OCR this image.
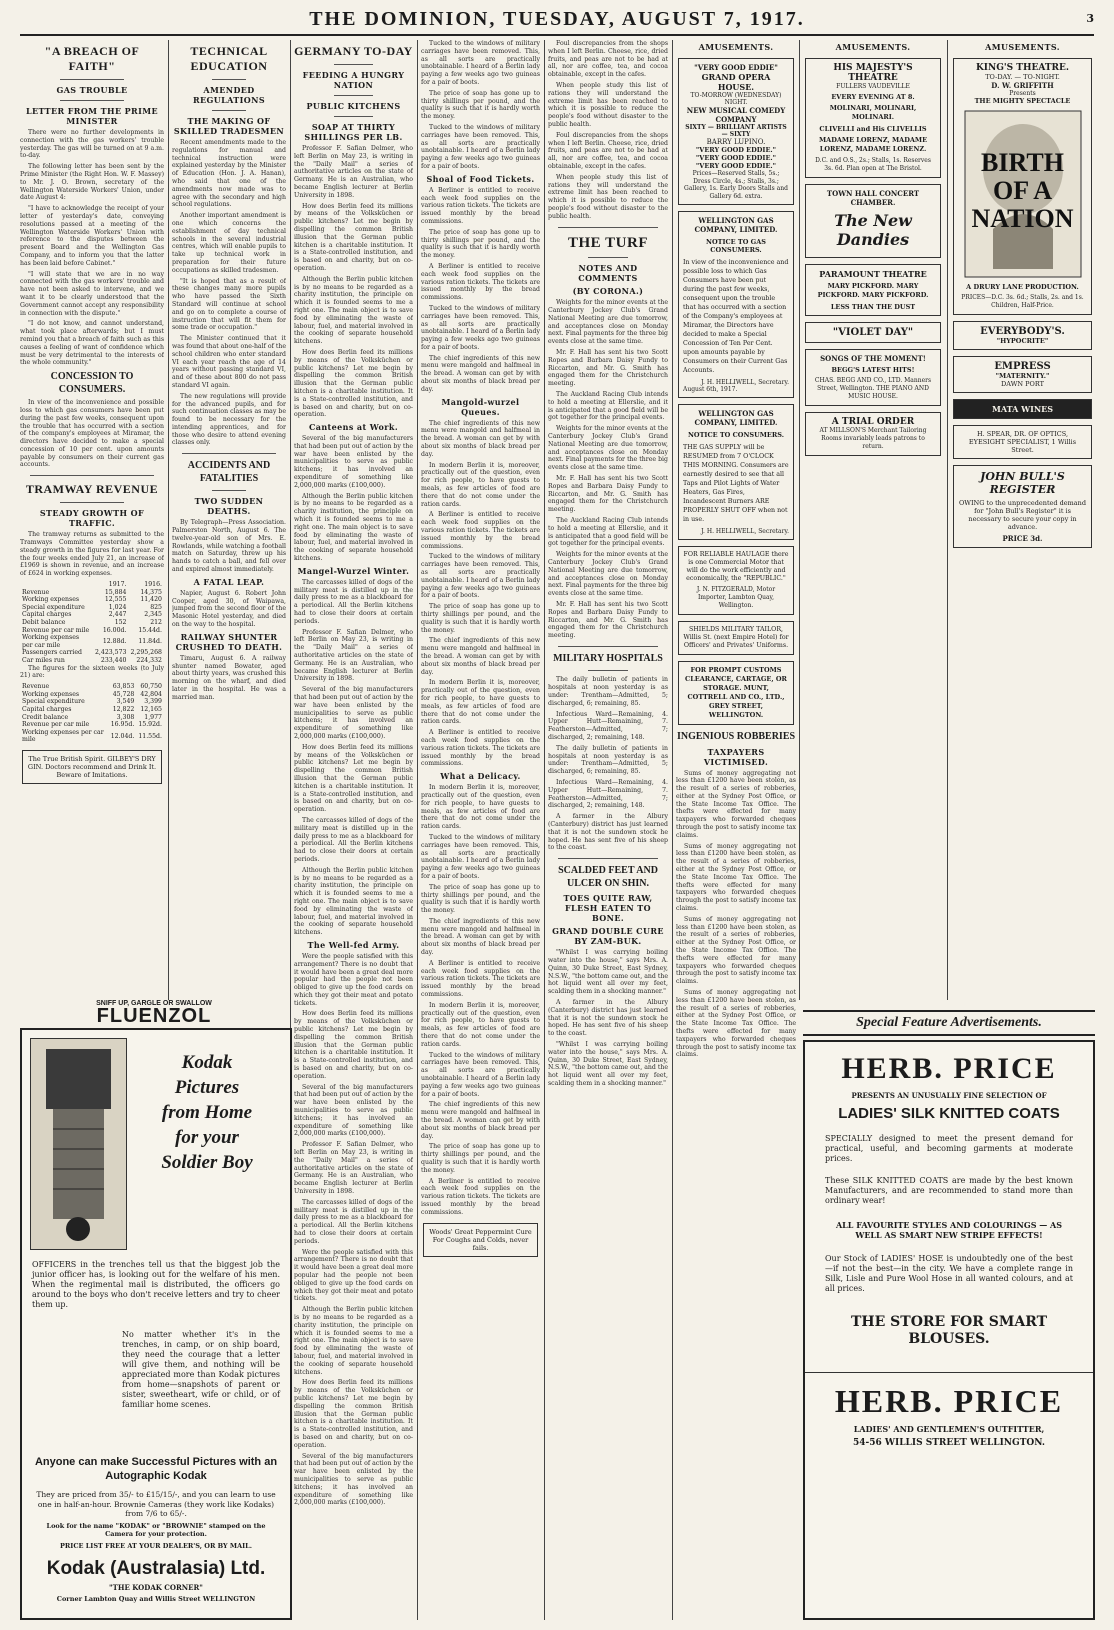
THE DOMINION, TUESDAY, AUGUST 7, 1917.	3
"A BREACH OF FAITH"
GAS TROUBLE
LETTER FROM THE PRIME MINISTER

There were no further developments in connection with the gas workers' trouble yesterday. The gas will be turned on at 9 a.m. to-day.

The following letter has been sent by the Prime Minister (the Right Hon. W. F. Massey) to Mr. J. O. Brown, secretary of the Wellington Waterside Workers' Union, under date August 4:

"I have to acknowledge the receipt of your letter of yesterday's date, conveying resolutions passed at a meeting of the Wellington Waterside Workers' Union with reference to the disputes between the present Board and the Wellington Gas Company, and to inform you that the latter has been laid before Cabinet."

"I will state that we are in no way connected with the gas workers' trouble and have not been asked to intervene, and we want it to be clearly understood that the Government cannot accept any responsibility in connection with the dispute."

"I do not know, and cannot understand, what took place afterwards; but I must remind you that a breach of faith such as this causes a feeling of want of confidence which must be very detrimental to the interests of the whole community."

CONCESSION TO CONSUMERS.

In view of the inconvenience and possible loss to which gas consumers have been put during the past few weeks, consequent upon the trouble that has occurred with a section of the company's employees at Miramar, the directors have decided to make a special concession of 10 per cent. upon amounts payable by consumers on their current gas accounts.

TRAMWAY REVENUE
STEADY GROWTH OF TRAFFIC.

The tramway returns as submitted to the Tramways Committee yesterday show a steady growth in the figures for last year. For the four weeks ended July 21, an increase of £1969 is shown in revenue, and an increase of £624 in working expenses.

	1917.	1916.
Revenue	15,884	14,375
Working expenses	12,555	11,420
Special expenditure	1,024	825
Capital charges	2,447	2,345
Debit balance	152	212
Revenue per car mile	16.00d.	15.44d.
Working expenses per car mile	12.88d.	11.84d.
Passengers carried	2,423,573	2,295,268
Car miles run	233,440	224,332

The figures for the sixteen weeks (to July 21) are:

Revenue	63,853	60,750
Working expenses	45,728	42,804
Special expenditure	3,549	3,399
Capital charges	12,822	12,165
Credit balance	3,308	1,977
Revenue per car mile	16.95d.	15.92d.
Working expenses per car mile	12.04d.	11.55d.
The True British Spirit. GILBEY'S DRY GIN. Doctors recommend and Drink It. Beware of Imitations.
TECHNICAL EDUCATION
AMENDED REGULATIONS
THE MAKING OF SKILLED TRADESMEN

Recent amendments made to the regulations for manual and technical instruction were explained yesterday by the Minister of Education (Hon. J. A. Hanan), who said that one of the amendments now made was to agree with the secondary and high school regulations.

Another important amendment is one which concerns the establishment of day technical schools in the several industrial centres, which will enable pupils to take up technical work in preparation for their future occupations as skilled tradesmen.

"It is hoped that as a result of these changes many more pupils who have passed the Sixth Standard will continue at school and go on to complete a course of instruction that will fit them for some trade or occupation."

The Minister continued that it was found that about one-half of the school children who enter standard VI each year reach the age of 14 years without passing standard VI, and of these about 800 do not pass standard VI again.

The new regulations will provide for the advanced pupils, and for such continuation classes as may be found to be necessary for the intending apprentices, and for those who desire to attend evening classes only.

ACCIDENTS AND FATALITIES
TWO SUDDEN DEATHS.

By Telegraph—Press Association. Palmerston North, August 6. The twelve-year-old son of Mrs. E. Rowlands, while watching a football match on Saturday, threw up his hands to catch a ball, and fell over and expired almost immediately.

A FATAL LEAP.

Napier, August 6. Robert John Cooper, aged 30, of Waipawa, jumped from the second floor of the Masonic Hotel yesterday, and died on the way to the hospital.

RAILWAY SHUNTER CRUSHED TO DEATH.

Timaru, August 6. A railway shunter named Bowater, aged about thirty years, was crushed this morning on the wharf, and died later in the hospital. He was a married man.

SNIFF UP, GARGLE OR SWALLOW
FLUENZOL
GERMANY TO-DAY
FEEDING A HUNGRY NATION
PUBLIC KITCHENS
SOAP AT THIRTY SHILLINGS PER LB.

Professor F. Safian Delmer, who left Berlin on May 23, is writing in the "Daily Mail" a series of authoritative articles on the state of Germany. He is an Australian, who became English lecturer at Berlin University in 1898.

How does Berlin feed its millions by means of the Volksküchen or public kitchens? Let me begin by dispelling the common British illusion that the German public kitchen is a charitable institution. It is a State-controlled institution, and is based on and charity, but on co-operation.

Although the Berlin public kitchen is by no means to be regarded as a charity institution, the principle on which it is founded seems to me a right one. The main object is to save food by eliminating the waste of labour, fuel, and material involved in the cooking of separate household kitchens.

How does Berlin feed its millions by means of the Volksküchen or public kitchens? Let me begin by dispelling the common British illusion that the German public kitchen is a charitable institution. It is a State-controlled institution, and is based on and charity, but on co-operation.

Canteens at Work.

Several of the big manufacturers that had been put out of action by the war have been enlisted by the municipalities to serve as public kitchens; it has involved an expenditure of something like 2,000,000 marks (£100,000).

Although the Berlin public kitchen is by no means to be regarded as a charity institution, the principle on which it is founded seems to me a right one. The main object is to save food by eliminating the waste of labour, fuel, and material involved in the cooking of separate household kitchens.

Mangel-Wurzel Winter.

The carcasses killed of dogs of the military meat is distilled up in the daily press to me as a blackboard for a periodical. All the Berlin kitchens had to close their doors at certain periods.

Professor F. Safian Delmer, who left Berlin on May 23, is writing in the "Daily Mail" a series of authoritative articles on the state of Germany. He is an Australian, who became English lecturer at Berlin University in 1898.

Several of the big manufacturers that had been put out of action by the war have been enlisted by the municipalities to serve as public kitchens; it has involved an expenditure of something like 2,000,000 marks (£100,000).

How does Berlin feed its millions by means of the Volksküchen or public kitchens? Let me begin by dispelling the common British illusion that the German public kitchen is a charitable institution. It is a State-controlled institution, and is based on and charity, but on co-operation.

The carcasses killed of dogs of the military meat is distilled up in the daily press to me as a blackboard for a periodical. All the Berlin kitchens had to close their doors at certain periods.

Although the Berlin public kitchen is by no means to be regarded as a charity institution, the principle on which it is founded seems to me a right one. The main object is to save food by eliminating the waste of labour, fuel, and material involved in the cooking of separate household kitchens.

The Well-fed Army.

Were the people satisfied with this arrangement? There is no doubt that it would have been a great deal more popular had the people not been obliged to give up the food cards on which they got their meat and potato tickets.

How does Berlin feed its millions by means of the Volksküchen or public kitchens? Let me begin by dispelling the common British illusion that the German public kitchen is a charitable institution. It is a State-controlled institution, and is based on and charity, but on co-operation.

Several of the big manufacturers that had been put out of action by the war have been enlisted by the municipalities to serve as public kitchens; it has involved an expenditure of something like 2,000,000 marks (£100,000).

Professor F. Safian Delmer, who left Berlin on May 23, is writing in the "Daily Mail" a series of authoritative articles on the state of Germany. He is an Australian, who became English lecturer at Berlin University in 1898.

The carcasses killed of dogs of the military meat is distilled up in the daily press to me as a blackboard for a periodical. All the Berlin kitchens had to close their doors at certain periods.

Were the people satisfied with this arrangement? There is no doubt that it would have been a great deal more popular had the people not been obliged to give up the food cards on which they got their meat and potato tickets.

Although the Berlin public kitchen is by no means to be regarded as a charity institution, the principle on which it is founded seems to me a right one. The main object is to save food by eliminating the waste of labour, fuel, and material involved in the cooking of separate household kitchens.

How does Berlin feed its millions by means of the Volksküchen or public kitchens? Let me begin by dispelling the common British illusion that the German public kitchen is a charitable institution. It is a State-controlled institution, and is based on and charity, but on co-operation.

Several of the big manufacturers that had been put out of action by the war have been enlisted by the municipalities to serve as public kitchens; it has involved an expenditure of something like 2,000,000 marks (£100,000).

Tucked to the windows of military carriages have been removed. This, as all sorts are practically unobtainable. I heard of a Berlin lady paying a few weeks ago two guineas for a pair of boots.

The price of soap has gone up to thirty shillings per pound, and the quality is such that it is hardly worth the money.

Tucked to the windows of military carriages have been removed. This, as all sorts are practically unobtainable. I heard of a Berlin lady paying a few weeks ago two guineas for a pair of boots.

Shoal of Food Tickets.

A Berliner is entitled to receive each week food supplies on the various ration tickets. The tickets are issued monthly by the bread commissions.

The price of soap has gone up to thirty shillings per pound, and the quality is such that it is hardly worth the money.

A Berliner is entitled to receive each week food supplies on the various ration tickets. The tickets are issued monthly by the bread commissions.

Tucked to the windows of military carriages have been removed. This, as all sorts are practically unobtainable. I heard of a Berlin lady paying a few weeks ago two guineas for a pair of boots.

The chief ingredients of this new menu were mangold and halfmeal in the bread. A woman can get by with about six months of black bread per day.

Mangold-wurzel Queues.

The chief ingredients of this new menu were mangold and halfmeal in the bread. A woman can get by with about six months of black bread per day.

In modern Berlin it is, moreover, practically out of the question, even for rich people, to have guests to meals, as few articles of food are there that do not come under the ration cards.

A Berliner is entitled to receive each week food supplies on the various ration tickets. The tickets are issued monthly by the bread commissions.

Tucked to the windows of military carriages have been removed. This, as all sorts are practically unobtainable. I heard of a Berlin lady paying a few weeks ago two guineas for a pair of boots.

The price of soap has gone up to thirty shillings per pound, and the quality is such that it is hardly worth the money.

The chief ingredients of this new menu were mangold and halfmeal in the bread. A woman can get by with about six months of black bread per day.

In modern Berlin it is, moreover, practically out of the question, even for rich people, to have guests to meals, as few articles of food are there that do not come under the ration cards.

A Berliner is entitled to receive each week food supplies on the various ration tickets. The tickets are issued monthly by the bread commissions.

What a Delicacy.

In modern Berlin it is, moreover, practically out of the question, even for rich people, to have guests to meals, as few articles of food are there that do not come under the ration cards.

Tucked to the windows of military carriages have been removed. This, as all sorts are practically unobtainable. I heard of a Berlin lady paying a few weeks ago two guineas for a pair of boots.

The price of soap has gone up to thirty shillings per pound, and the quality is such that it is hardly worth the money.

The chief ingredients of this new menu were mangold and halfmeal in the bread. A woman can get by with about six months of black bread per day.

A Berliner is entitled to receive each week food supplies on the various ration tickets. The tickets are issued monthly by the bread commissions.

In modern Berlin it is, moreover, practically out of the question, even for rich people, to have guests to meals, as few articles of food are there that do not come under the ration cards.

Tucked to the windows of military carriages have been removed. This, as all sorts are practically unobtainable. I heard of a Berlin lady paying a few weeks ago two guineas for a pair of boots.

The chief ingredients of this new menu were mangold and halfmeal in the bread. A woman can get by with about six months of black bread per day.

The price of soap has gone up to thirty shillings per pound, and the quality is such that it is hardly worth the money.

A Berliner is entitled to receive each week food supplies on the various ration tickets. The tickets are issued monthly by the bread commissions.

Woods' Great Peppermint Cure For Coughs and Colds, never fails.

Foul discrepancies from the shops when I left Berlin. Cheese, rice, dried fruits, and peas are not to be had at all, nor are coffee, tea, and cocoa obtainable, except in the cafes.

When people study this list of rations they will understand the extreme limit has been reached to which it is possible to reduce the people's food without disaster to the public health.

Foul discrepancies from the shops when I left Berlin. Cheese, rice, dried fruits, and peas are not to be had at all, nor are coffee, tea, and cocoa obtainable, except in the cafes.

When people study this list of rations they will understand the extreme limit has been reached to which it is possible to reduce the people's food without disaster to the public health.

THE TURF
NOTES AND COMMENTS
(BY CORONA.)

Weights for the minor events at the Canterbury Jockey Club's Grand National Meeting are due tomorrow, and acceptances close on Monday next. Final payments for the three big events close at the same time.

Mr. F. Hall has sent his two Scott Ropes and Barbara Daisy Fundy to Riccarton, and Mr. G. Smith has engaged them for the Christchurch meeting.

The Auckland Racing Club intends to hold a meeting at Ellerslie, and it is anticipated that a good field will be got together for the principal events.

Weights for the minor events at the Canterbury Jockey Club's Grand National Meeting are due tomorrow, and acceptances close on Monday next. Final payments for the three big events close at the same time.

Mr. F. Hall has sent his two Scott Ropes and Barbara Daisy Fundy to Riccarton, and Mr. G. Smith has engaged them for the Christchurch meeting.

The Auckland Racing Club intends to hold a meeting at Ellerslie, and it is anticipated that a good field will be got together for the principal events.

Weights for the minor events at the Canterbury Jockey Club's Grand National Meeting are due tomorrow, and acceptances close on Monday next. Final payments for the three big events close at the same time.

Mr. F. Hall has sent his two Scott Ropes and Barbara Daisy Fundy to Riccarton, and Mr. G. Smith has engaged them for the Christchurch meeting.

MILITARY HOSPITALS

The daily bulletin of patients in hospitals at noon yesterday is as under: Trentham—Admitted, 5; discharged, 6; remaining, 85.

Infectious Ward—Remaining, 4. Upper Hutt—Remaining, 7. Featherston—Admitted, 7; discharged, 2; remaining, 148.

The daily bulletin of patients in hospitals at noon yesterday is as under: Trentham—Admitted, 5; discharged, 6; remaining, 85.

Infectious Ward—Remaining, 4. Upper Hutt—Remaining, 7. Featherston—Admitted, 7; discharged, 2; remaining, 148.

A farmer in the Albury (Canterbury) district has just learned that it is not the sundown stock he hoped. He has sent five of his sheep to the coast.

SCALDED FEET AND ULCER ON SHIN.
TOES QUITE RAW, FLESH EATEN TO BONE.
GRAND DOUBLE CURE BY ZAM-BUK.

"Whilst I was carrying boiling water into the house," says Mrs. A. Quinn, 30 Duke Street, East Sydney, N.S.W., "the bottom came out, and the hot liquid went all over my feet, scalding them in a shocking manner."

A farmer in the Albury (Canterbury) district has just learned that it is not the sundown stock he hoped. He has sent five of his sheep to the coast.

"Whilst I was carrying boiling water into the house," says Mrs. A. Quinn, 30 Duke Street, East Sydney, N.S.W., "the bottom came out, and the hot liquid went all over my feet, scalding them in a shocking manner."

AMUSEMENTS.
"VERY GOOD EDDIE"
GRAND OPERA HOUSE.
TO-MORROW (WEDNESDAY) NIGHT.
NEW MUSICAL COMEDY COMPANY
SIXTY — BRILLIANT ARTISTS — SIXTY
BARRY LUPINO.
"VERY GOOD EDDIE."
"VERY GOOD EDDIE."
"VERY GOOD EDDIE."
Prices—Reserved Stalls, 5s.; Dress Circle, 4s.; Stalls, 3s.; Gallery, 1s. Early Doors Stalls and Gallery 6d. extra.
WELLINGTON GAS COMPANY, LIMITED.
NOTICE TO GAS CONSUMERS.
In view of the inconvenience and possible loss to which Gas Consumers have been put during the past few weeks, consequent upon the trouble that has occurred with a section of the Company's employees at Miramar, the Directors have decided to make a Special Concession of Ten Per Cent. upon amounts payable by Consumers on their Current Gas Accounts.
J. H. HELLIWELL, Secretary.
August 6th, 1917.
WELLINGTON GAS COMPANY, LIMITED.
NOTICE TO CONSUMERS.
THE GAS SUPPLY will be RESUMED from 7 O'CLOCK THIS MORNING. Consumers are earnestly desired to see that all Taps and Pilot Lights of Water Heaters, Gas Fires, Incandescent Burners ARE PROPERLY SHUT OFF when not in use.
J. H. HELLIWELL, Secretary.
FOR RELIABLE HAULAGE there is one Commercial Motor that will do the work efficiently and economically, the "REPUBLIC."
J. N. FITZGERALD, Motor Importer, Lambton Quay, Wellington.
SHIELDS MILITARY TAILOR, Willis St. (next Empire Hotel) for Officers' and Privates' Uniforms.
FOR PROMPT CUSTOMS CLEARANCE, CARTAGE, OR STORAGE. MUNT, COTTRELL AND CO., LTD., GREY STREET, WELLINGTON.
INGENIOUS ROBBERIES
TAXPAYERS VICTIMISED.

Sums of money aggregating not less than £1200 have been stolen, as the result of a series of robberies, either at the Sydney Post Office, or the State Income Tax Office. The thefts were effected for many taxpayers who forwarded cheques through the post to satisfy income tax claims.

Sums of money aggregating not less than £1200 have been stolen, as the result of a series of robberies, either at the Sydney Post Office, or the State Income Tax Office. The thefts were effected for many taxpayers who forwarded cheques through the post to satisfy income tax claims.

Sums of money aggregating not less than £1200 have been stolen, as the result of a series of robberies, either at the Sydney Post Office, or the State Income Tax Office. The thefts were effected for many taxpayers who forwarded cheques through the post to satisfy income tax claims.

Sums of money aggregating not less than £1200 have been stolen, as the result of a series of robberies, either at the Sydney Post Office, or the State Income Tax Office. The thefts were effected for many taxpayers who forwarded cheques through the post to satisfy income tax claims.

AMUSEMENTS.
HIS MAJESTY'S THEATRE
FULLERS VAUDEVILLE
EVERY EVENING AT 8.
MOLINARI, MOLINARI, MOLINARI.
CLIVELLI and His CLIVELLIS
MADAME LORENZ, MADAME LORENZ, MADAME LORENZ.
D.C. and O.S., 2s.; Stalls, 1s. Reserves 3s. 6d. Plan open at The Bristol.
TOWN HALL CONCERT CHAMBER.
The New Dandies
PARAMOUNT THEATRE
MARY PICKFORD. MARY PICKFORD. MARY PICKFORD.
LESS THAN THE DUST
"VIOLET DAY"
SONGS OF THE MOMENT!
BEGG'S LATEST HITS!
CHAS. BEGG AND CO., LTD. Manners Street, Wellington. THE PIANO AND MUSIC HOUSE.
A TRIAL ORDER
AT MILLSON'S Merchant Tailoring Rooms invariably leads patrons to return.
AMUSEMENTS.
KING'S THEATRE.
TO-DAY. — TO-NIGHT.
D. W. GRIFFITH
Presents
THE MIGHTY SPECTACLE
BIRTH OF A NATION
A DRURY LANE PRODUCTION.
PRICES—D.C. 3s. 6d.; Stalls, 2s. and 1s. Children, Half-Price.
EVERYBODY'S.
"HYPOCRITE"
EMPRESS
"MATERNITY."
DAWN PORT
MATA WINES
H. SPEAR, DR. OF OPTICS, EYESIGHT SPECIALIST, 1 Willis Street.
JOHN BULL'S REGISTER
OWING to the unprecedented demand for "John Bull's Register" it is necessary to secure your copy in advance.
PRICE 3d.
Kodak
Pictures
from Home
for your
Soldier Boy
OFFICERS in the trenches tell us that the biggest job the junior officer has, is looking out for the welfare of his men. When the regimental mail is distributed, the officers go around to the boys who don't receive letters and try to cheer them up.
No matter whether it's in the trenches, in camp, or on ship board, they need the courage that a letter will give them, and nothing will be appreciated more than Kodak pictures from home—snapshots of parent or sister, sweetheart, wife or child, or of familiar home scenes.
Anyone can make Successful Pictures with an Autographic Kodak
They are priced from 35/- to £15/15/-, and you can learn to use one in half-an-hour. Brownie Cameras (they work like Kodaks) from 7/6 to 65/-.
Look for the name "KODAK" or "BROWNIE" stamped on the Camera for your protection.
PRICE LIST FREE AT YOUR DEALER'S, OR BY MAIL.
Kodak (Australasia) Ltd.
"THE KODAK CORNER"
Corner Lambton Quay and Willis Street WELLINGTON
Special Feature Advertisements.
HERB. PRICE
PRESENTS AN UNUSUALLY FINE SELECTION OF
LADIES' SILK KNITTED COATS
SPECIALLY designed to meet the present demand for practical, useful, and becoming garments at moderate prices.
These SILK KNITTED COATS are made by the best known Manufacturers, and are recommended to stand more than ordinary wear!
ALL FAVOURITE STYLES AND COLOURINGS — AS WELL AS SMART NEW STRIPE EFFECTS!
Our Stock of LADIES' HOSE is undoubtedly one of the best—if not the best—in the city. We have a complete range in Silk, Lisle and Pure Wool Hose in all wanted colours, and at all prices.
THE STORE FOR SMART BLOUSES.
HERB. PRICE
LADIES' AND GENTLEMEN'S OUTFITTER,
54-56 WILLIS STREET WELLINGTON.
